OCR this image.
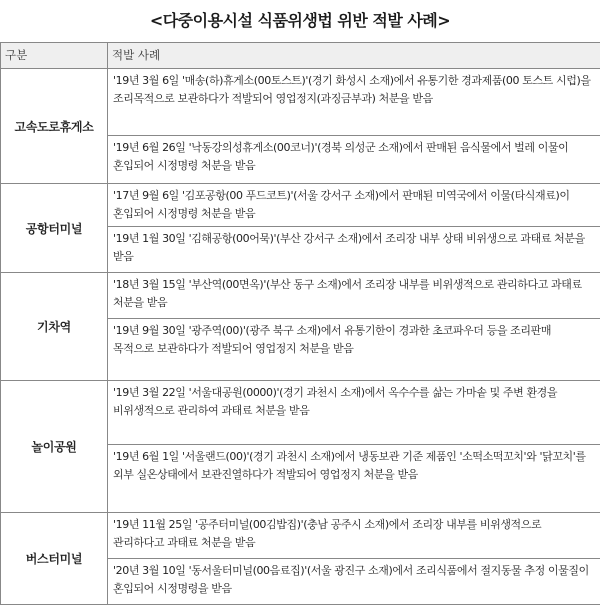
<다중이용시설 식품위생법 위반 적발 사례>
구분	적발 사례
고속도로휴게소	'19년 3월 6일 '매송(하)휴게소(00토스트)'(경기 화성시 소재)에서 유통기한 경과제품(00 토스트 시럽)을 조리목적으로 보관하다가 적발되어 영업정지(과징금부과) 처분을 받음
	'19년 6월 26일 '낙동강의성휴게소(00코너)'(경북 의성군 소재)에서 판매된 음식물에서 벌레 이물이 혼입되어 시정명령 처분을 받음
공항터미널	'17년 9월 6일 '김포공항(00 푸드코트)'(서울 강서구 소재)에서 판매된 미역국에서 이물(타식재료)이 혼입되어 시정명령 처분을 받음
	'19년 1월 30일 '김해공항(00어묵)'(부산 강서구 소재)에서 조리장 내부 상태 비위생으로 과태료 처분을 받음
기차역	'18년 3월 15일 '부산역(00면옥)'(부산 동구 소재)에서 조리장 내부를 비위생적으로 관리하다고 과태료 처분을 받음
	'19년 9월 30일 '광주역(00)'(광주 북구 소재)에서 유통기한이 경과한 초코파우더 등을 조리판매 목적으로 보관하다가 적발되어 영업정지 처분을 받음
놀이공원	'19년 3월 22일 '서울대공원(0000)'(경기 과천시 소재)에서 옥수수를 삶는 가마솥 및 주변 환경을 비위생적으로 관리하여 과태료 처분을 받음
	'19년 6월 1일 '서울랜드(00)'(경기 과천시 소재)에서 냉동보관 기준 제품인 '소떡소떡꼬치'와 '닭꼬치'를 외부 실온상태에서 보관진열하다가 적발되어 영업정지 처분을 받음
버스터미널	'19년 11월 25일 '공주터미널(00김밥집)'(충남 공주시 소재)에서 조리장 내부를 비위생적으로 관리하다고 과태료 처분을 받음
	'20년 3월 10일 '동서울터미널(00음료집)'(서울 광진구 소재)에서 조리식품에서 절지동물 추정 이물질이 혼입되어 시정명령을 받음
